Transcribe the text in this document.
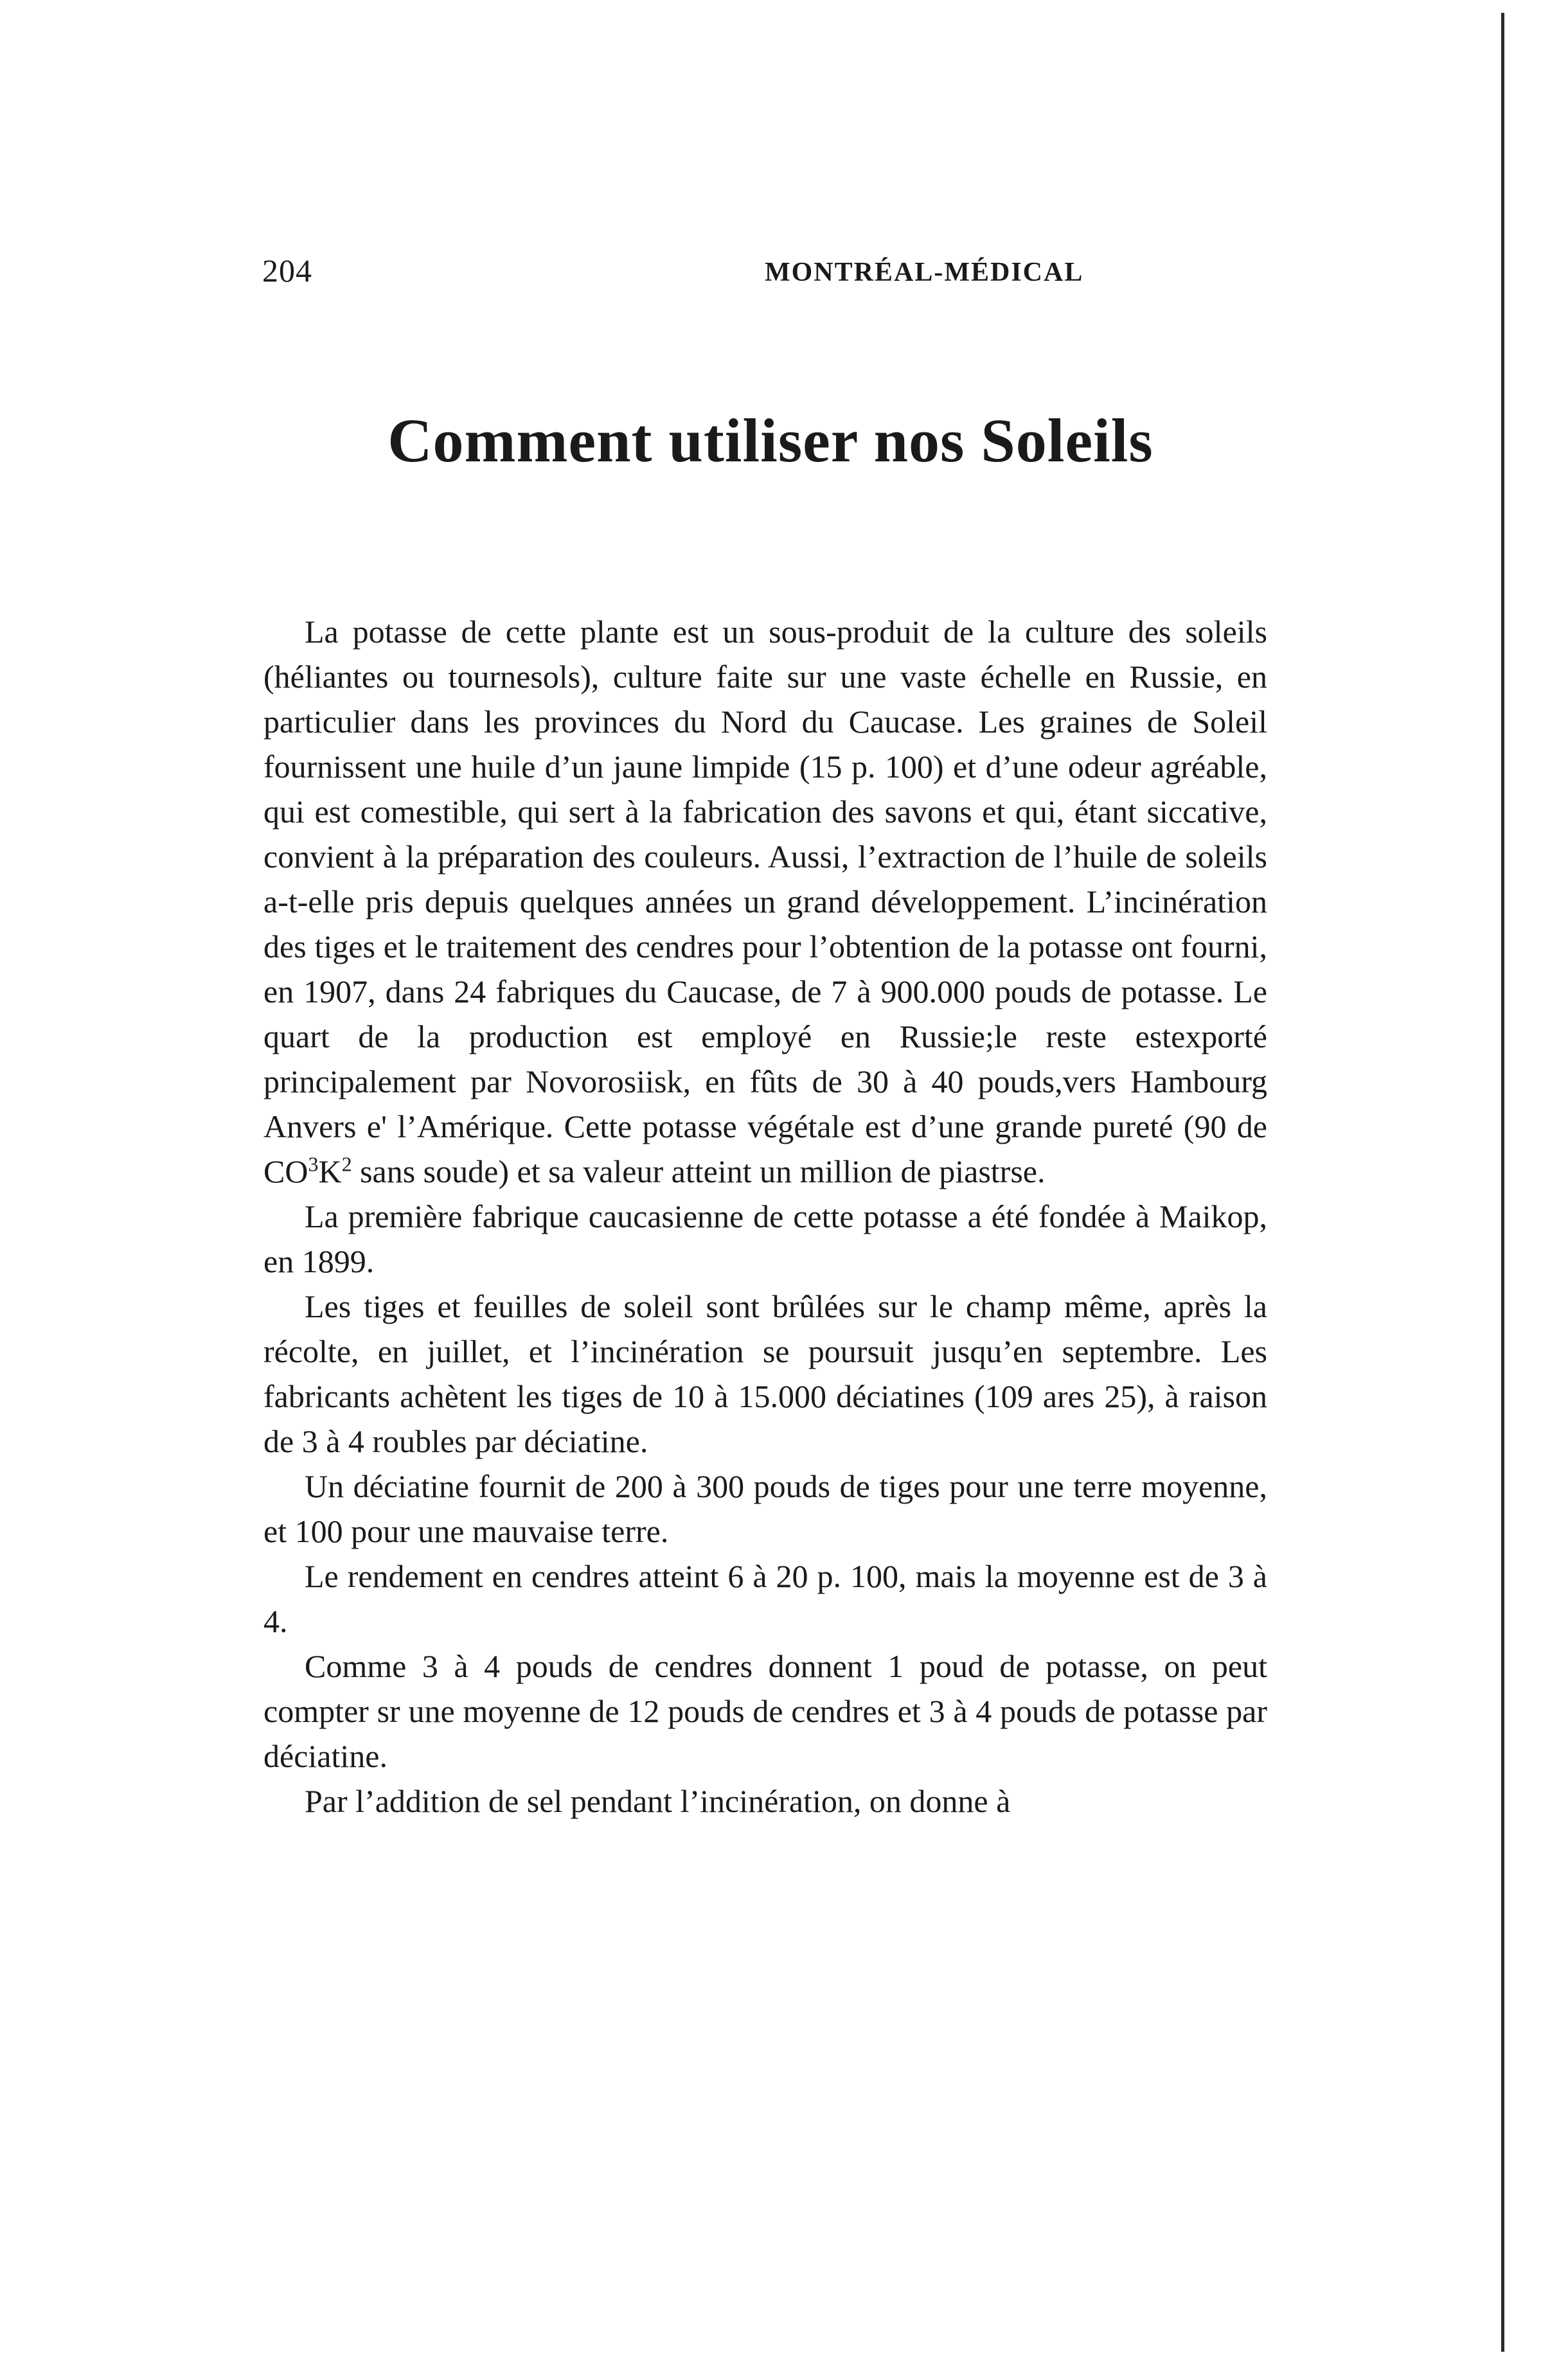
204	MONTRÉAL-MÉDICAL
Comment utiliser nos Soleils

La potasse de cette plante est un sous-produit de la culture des soleils (héliantes ou tournesols), culture faite sur une vaste échelle en Russie, en particulier dans les provinces du Nord du Caucase. Les graines de Soleil fournissent une huile d’un jaune limpide (15 p. 100) et d’une odeur agréable, qui est comestible, qui sert à la fabrication des savons et qui, étant siccative, convient à la préparation des couleurs. Aussi, l’extraction de l’huile de soleils a-t-elle pris depuis quelques années un grand développement. L’incinération des tiges et le traitement des cendres pour l’obtention de la potasse ont fourni, en 1907, dans 24 fabriques du Caucase, de 7 à 900.000 pouds de potasse. Le quart de la production est employé en Russie;le reste estexporté principalement par Novorosiisk, en fûts de 30 à 40 pouds,vers Hambourg Anvers e' l’Amérique. Cette potasse végétale est d’une grande pureté (90 de $CO^3K^2$ sans soude) et sa valeur atteint un million de piastrse.

La première fabrique caucasienne de cette potasse a été fondée à Maikop, en 1899.

Les tiges et feuilles de soleil sont brûlées sur le champ même, après la récolte, en juillet, et l’incinération se poursuit jusqu’en septembre. Les fabricants achètent les tiges de 10 à 15.000 déciatines (109 ares 25), à raison de 3 à 4 roubles par déciatine.

Un déciatine fournit de 200 à 300 pouds de tiges pour une terre moyenne, et 100 pour une mauvaise terre.

Le rendement en cendres atteint 6 à 20 p. 100, mais la moyenne est de 3 à 4.

Comme 3 à 4 pouds de cendres donnent 1 poud de potasse, on peut compter sr une moyenne de 12 pouds de cendres et 3 à 4 pouds de potasse par déciatine.

Par l’addition de sel pendant l’incinération, on donne à
